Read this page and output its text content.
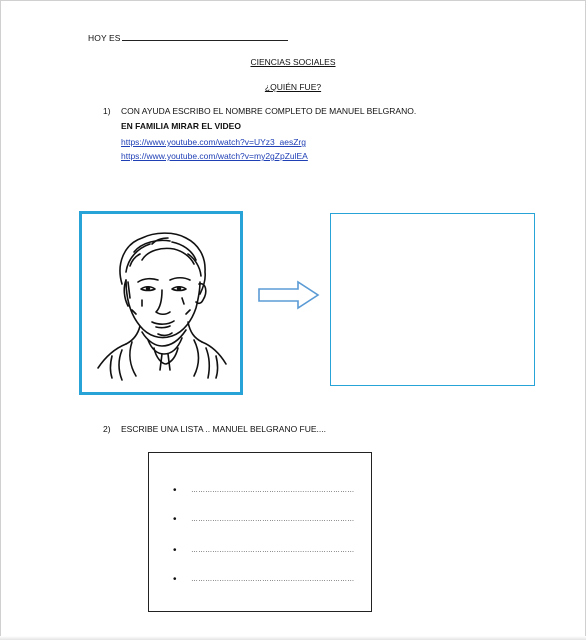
HOY ES
CIENCIAS SOCIALES
¿QUIÉN FUE?
1) CON AYUDA ESCRIBO EL NOMBRE COMPLETO DE MANUEL BELGRANO.
EN FAMILIA MIRAR EL VIDEO
https://www.youtube.com/watch?v=UYz3_aesZrg
https://www.youtube.com/watch?v=my2gZpZulEA
2) ESCRIBE UNA LISTA .. MANUEL BELGRANO FUE....
• ……………………………………………………………
• ……………………………………………………………
• ……………………………………………………………
• ……………………………………………………………
